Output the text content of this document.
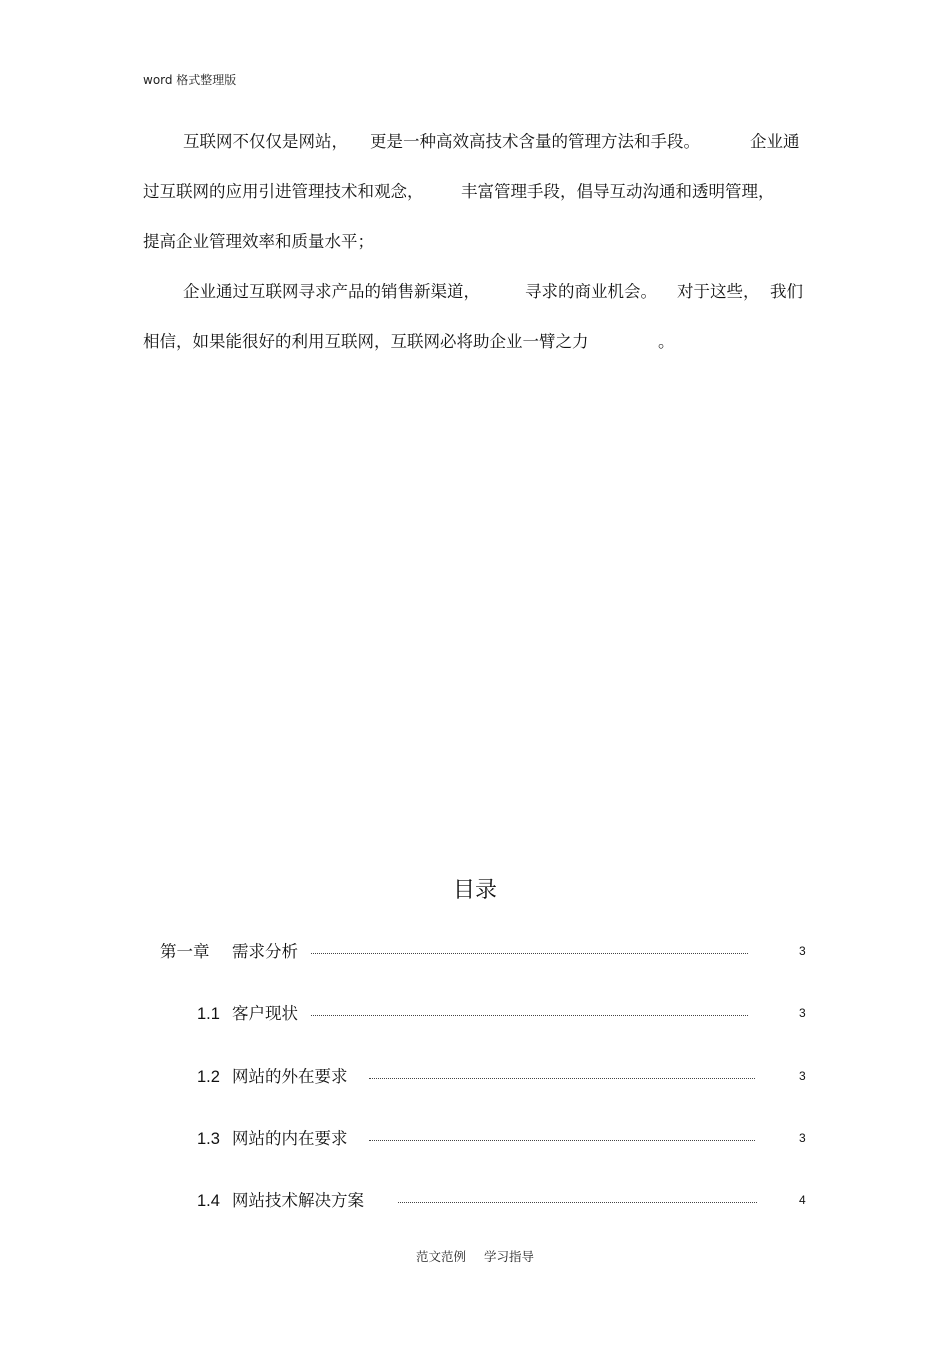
word 格式整理版
互联网不仅仅是网站， 更是一种高效高技术含量的管理方法和手段。	企业通
过互联网的应用引进管理技术和观念， 丰富管理手段，倡导互动沟通和透明管理，
提高企业管理效率和质量水平；
企业通过互联网寻求产品的销售新渠道，	寻求的商业机会。 对于这些， 我们
相信，如果能很好的利用互联网，互联网必将助企业一臂之力	。
目录
第一章 需求分析	3
1.1 客户现状	3
1.2 网站的外在要求	3
1.3 网站的内在要求	3
1.4 网站技术解决方案	4
范文范例 学习指导
